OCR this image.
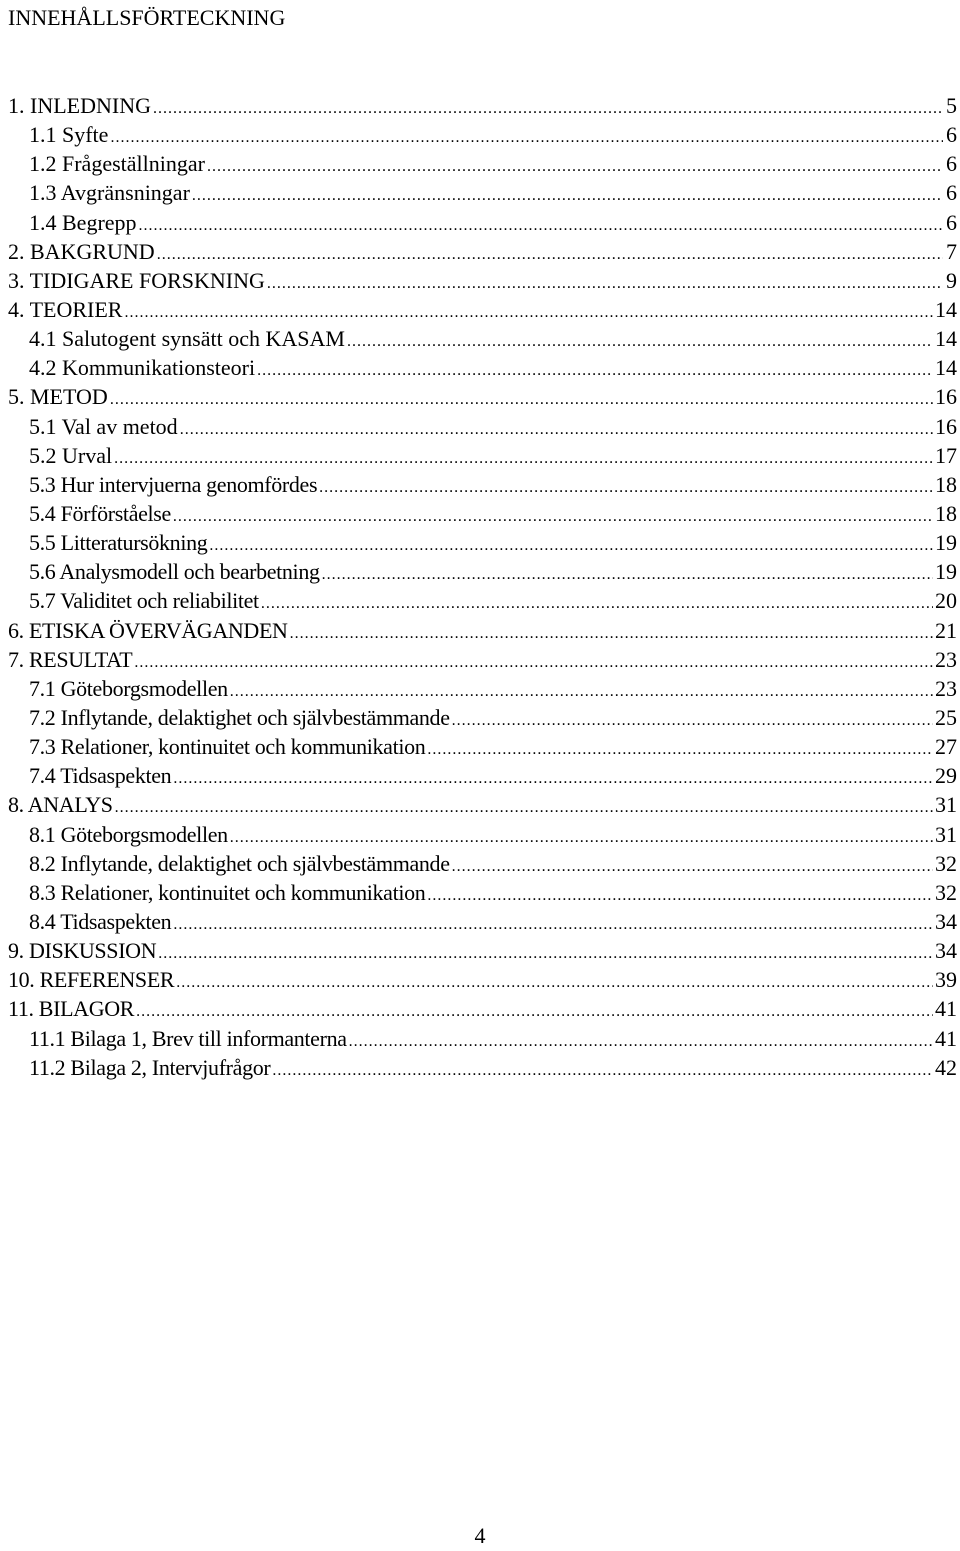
INNEHÅLLSFÖRTECKNING
1. INLEDNING .....	5
1.1 Syfte .....	6
1.2 Frågeställningar .....	6
1.3 Avgränsningar .....	6
1.4 Begrepp .....	6
2. BAKGRUND .....	7
3. TIDIGARE FORSKNING .....	9
4. TEORIER .....	14
4.1 Salutogent synsätt och KASAM .....	14
4.2 Kommunikationsteori .....	14
5. METOD .....	16
5.1 Val av metod .....	16
5.2 Urval .....	17
5.3 Hur intervjuerna genomfördes .....	18
5.4 Förförståelse .....	18
5.5 Litteratursökning .....	19
5.6 Analysmodell och bearbetning .....	19
5.7 Validitet och reliabilitet .....	20
6. ETISKA ÖVERVÄGANDEN .....	21
7. RESULTAT .....	23
7.1 Göteborgsmodellen .....	23
7.2 Inflytande, delaktighet och självbestämmande .....	25
7.3 Relationer, kontinuitet och kommunikation .....	27
7.4 Tidsaspekten .....	29
8. ANALYS .....	31
8.1 Göteborgsmodellen .....	31
8.2 Inflytande, delaktighet och självbestämmande .....	32
8.3 Relationer, kontinuitet och kommunikation .....	32
8.4 Tidsaspekten .....	34
9. DISKUSSION .....	34
10. REFERENSER .....	39
11. BILAGOR .....	41
11.1 Bilaga 1, Brev till informanterna .....	41
11.2 Bilaga 2, Intervjufrågor .....	42
4
